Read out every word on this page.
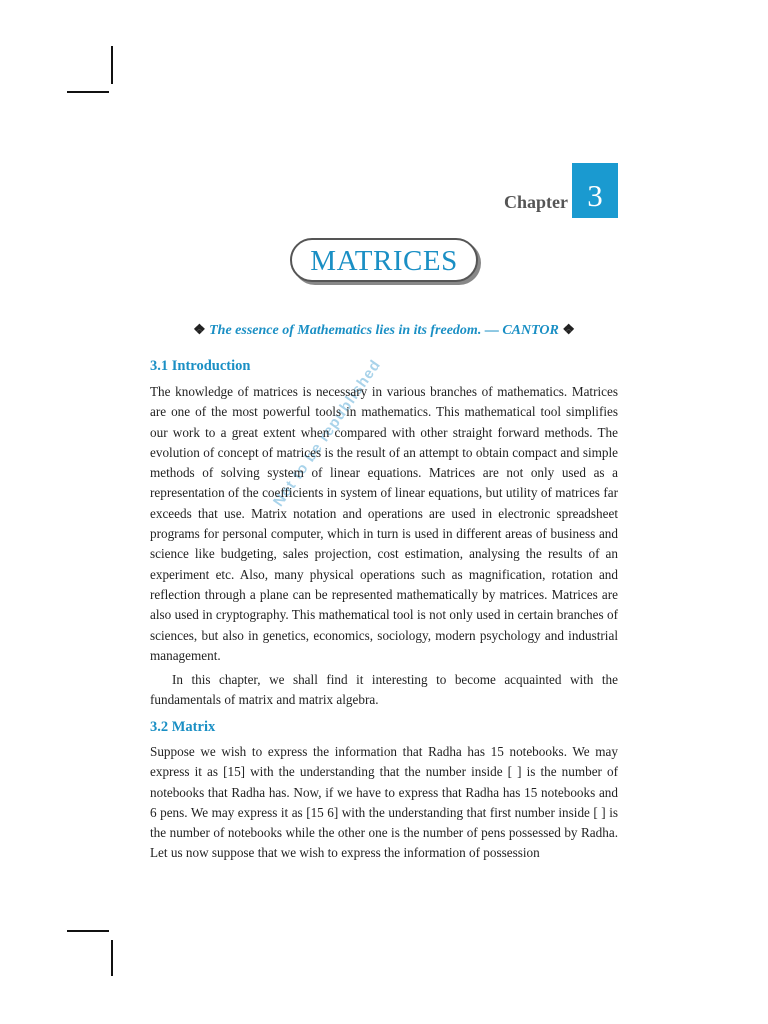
Chapter 3
MATRICES
❖ The essence of Mathematics lies in its freedom. — CANTOR ❖
Not to be republished
3.1 Introduction
The knowledge of matrices is necessary in various branches of mathematics. Matrices are one of the most powerful tools in mathematics. This mathematical tool simplifies our work to a great extent when compared with other straight forward methods. The evolution of concept of matrices is the result of an attempt to obtain compact and simple methods of solving system of linear equations. Matrices are not only used as a representation of the coefficients in system of linear equations, but utility of matrices far exceeds that use. Matrix notation and operations are used in electronic spreadsheet programs for personal computer, which in turn is used in different areas of business and science like budgeting, sales projection, cost estimation, analysing the results of an experiment etc. Also, many physical operations such as magnification, rotation and reflection through a plane can be represented mathematically by matrices. Matrices are also used in cryptography. This mathematical tool is not only used in certain branches of sciences, but also in genetics, economics, sociology, modern psychology and industrial management.
In this chapter, we shall find it interesting to become acquainted with the fundamentals of matrix and matrix algebra.
3.2 Matrix
Suppose we wish to express the information that Radha has 15 notebooks. We may express it as [15] with the understanding that the number inside [ ] is the number of notebooks that Radha has. Now, if we have to express that Radha has 15 notebooks and 6 pens. We may express it as [15 6] with the understanding that first number inside [ ] is the number of notebooks while the other one is the number of pens possessed by Radha. Let us now suppose that we wish to express the information of possession
